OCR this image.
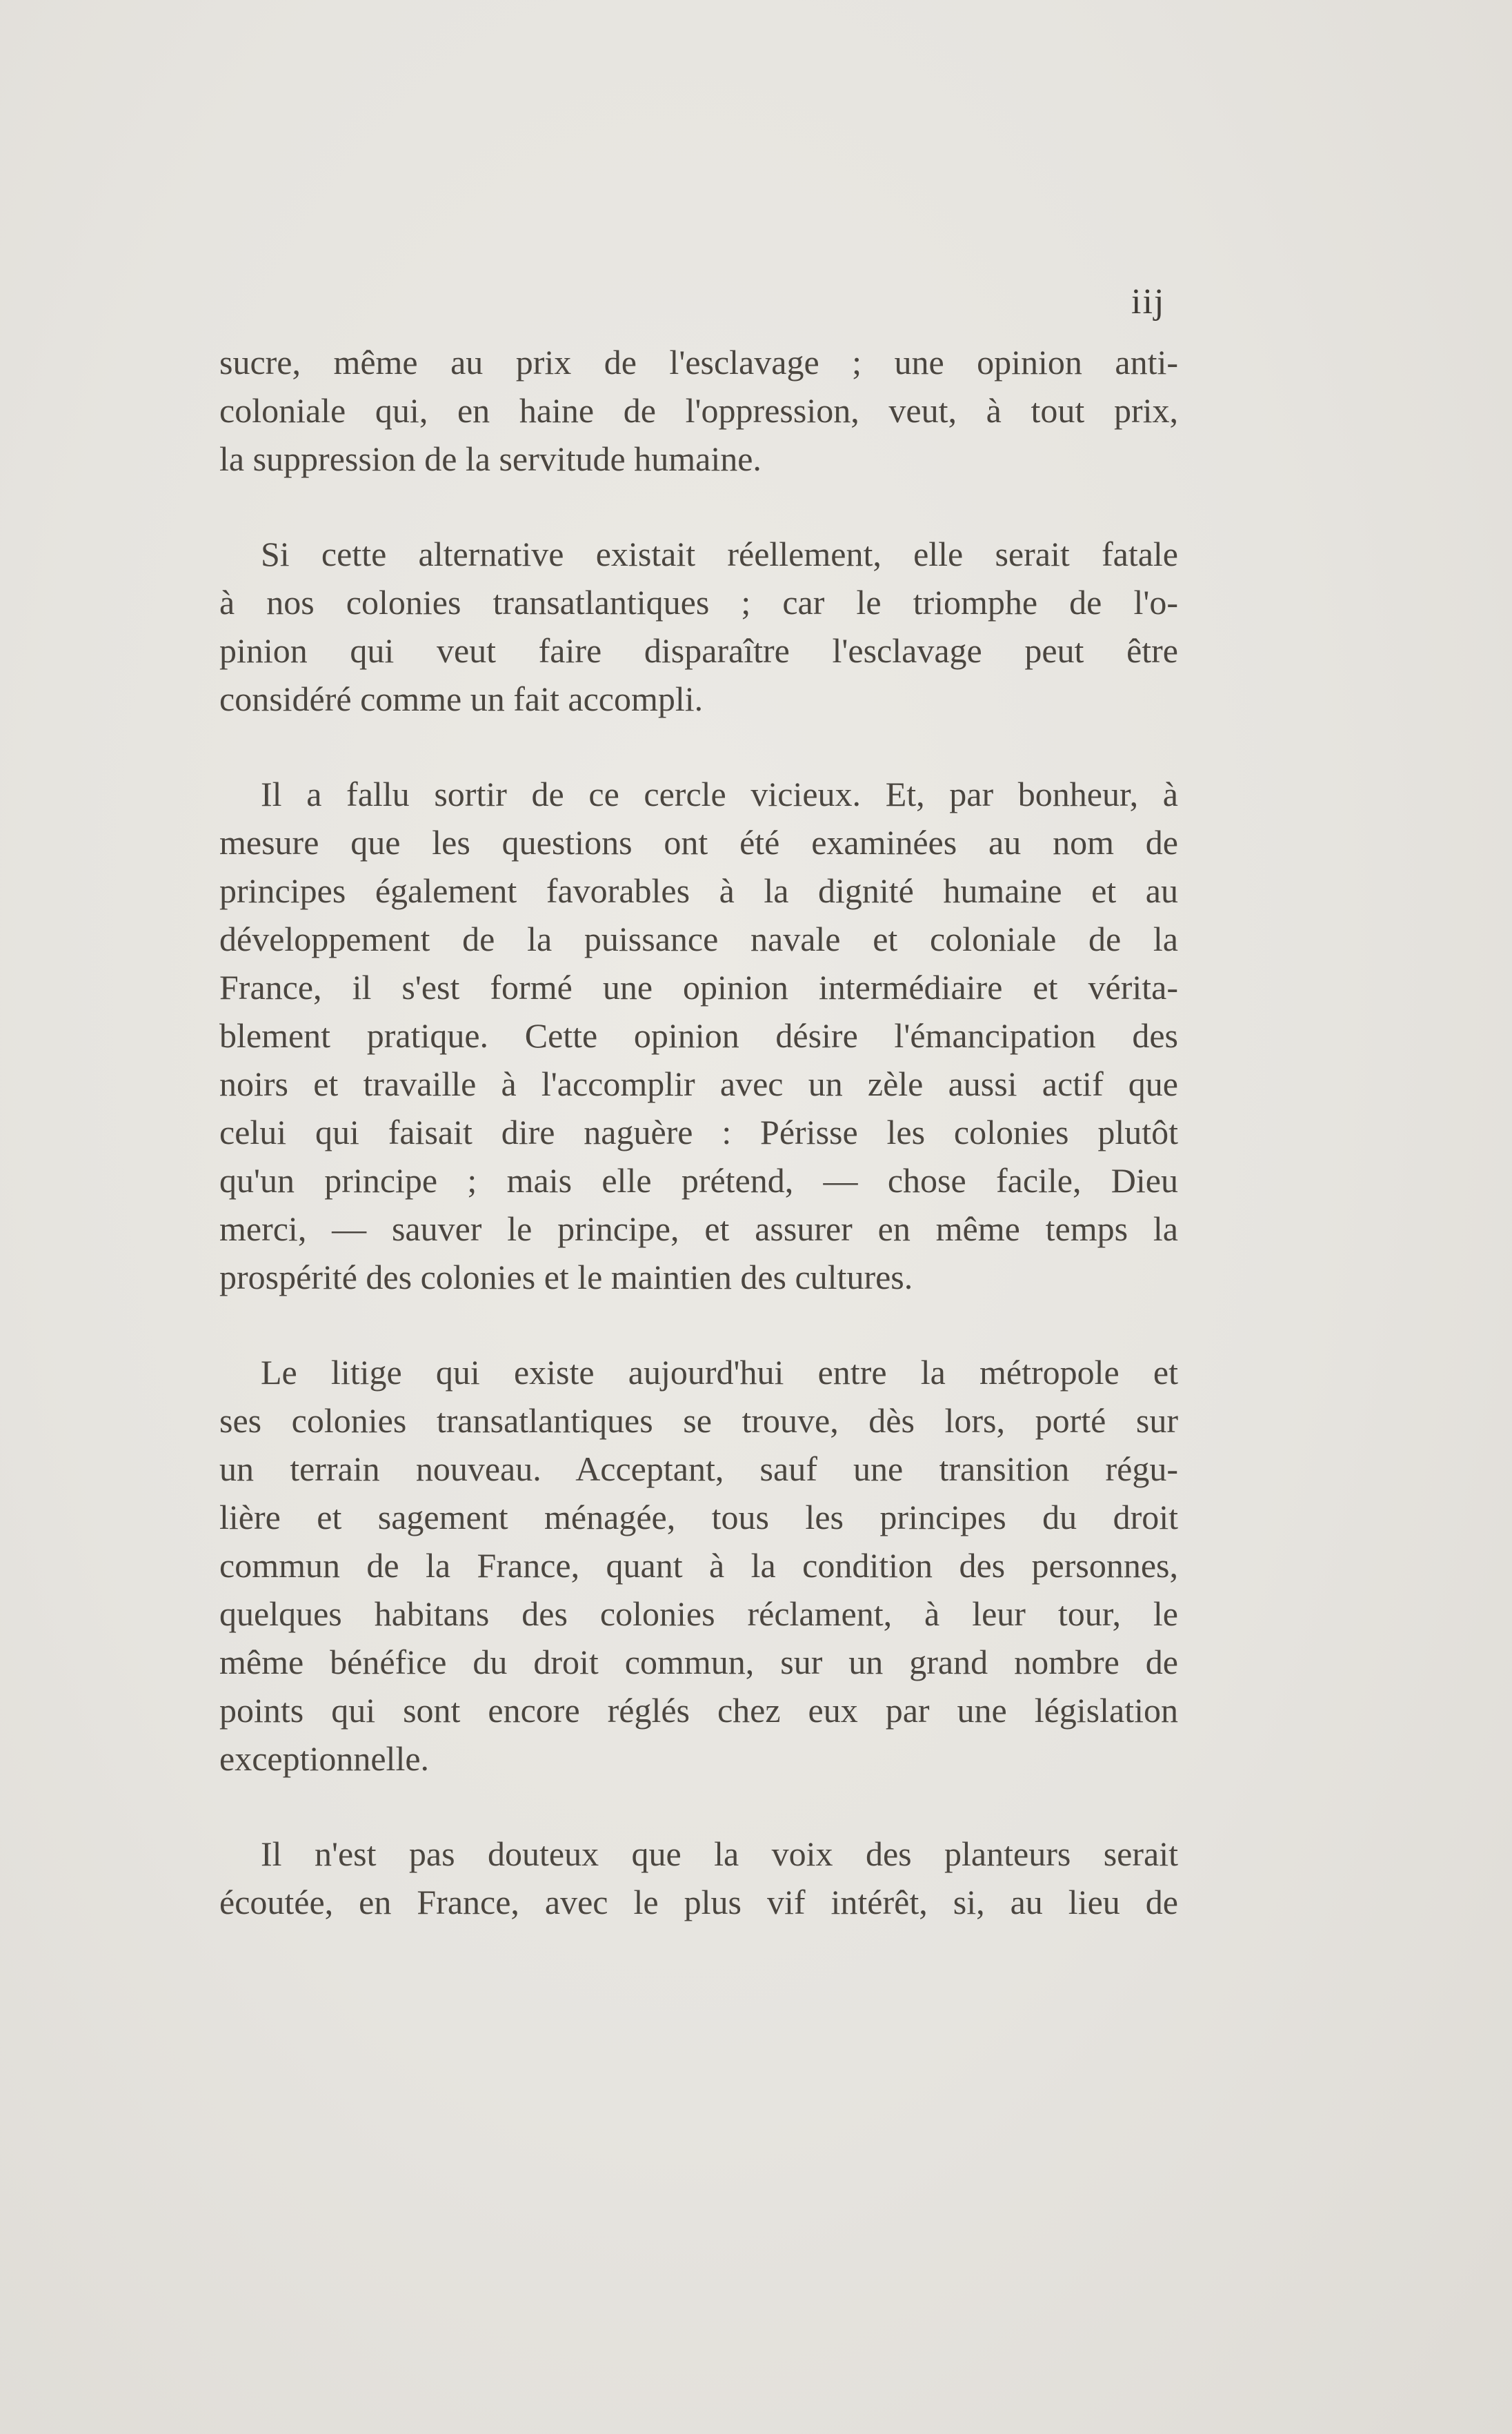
iij

sucre, même au prix de l'esclavage ; une opinion anti-
coloniale qui, en haine de l'oppression, veut, à tout prix,
la suppression de la servitude humaine.

Si cette alternative existait réellement, elle serait fatale
à nos colonies transatlantiques ; car le triomphe de l'o-
pinion qui veut faire disparaître l'esclavage peut être
considéré comme un fait accompli.

Il a fallu sortir de ce cercle vicieux. Et, par bonheur, à
mesure que les questions ont été examinées au nom de
principes également favorables à la dignité humaine et au
développement de la puissance navale et coloniale de la
France, il s'est formé une opinion intermédiaire et vérita-
blement pratique. Cette opinion désire l'émancipation des
noirs et travaille à l'accomplir avec un zèle aussi actif que
celui qui faisait dire naguère : Périsse les colonies plutôt
qu'un principe ; mais elle prétend, — chose facile, Dieu
merci, — sauver le principe, et assurer en même temps la
prospérité des colonies et le maintien des cultures.

Le litige qui existe aujourd'hui entre la métropole et
ses colonies transatlantiques se trouve, dès lors, porté sur
un terrain nouveau. Acceptant, sauf une transition régu-
lière et sagement ménagée, tous les principes du droit
commun de la France, quant à la condition des personnes,
quelques habitans des colonies réclament, à leur tour, le
même bénéfice du droit commun, sur un grand nombre de
points qui sont encore réglés chez eux par une législation
exceptionnelle.

Il n'est pas douteux que la voix des planteurs serait
écoutée, en France, avec le plus vif intérêt, si, au lieu de
